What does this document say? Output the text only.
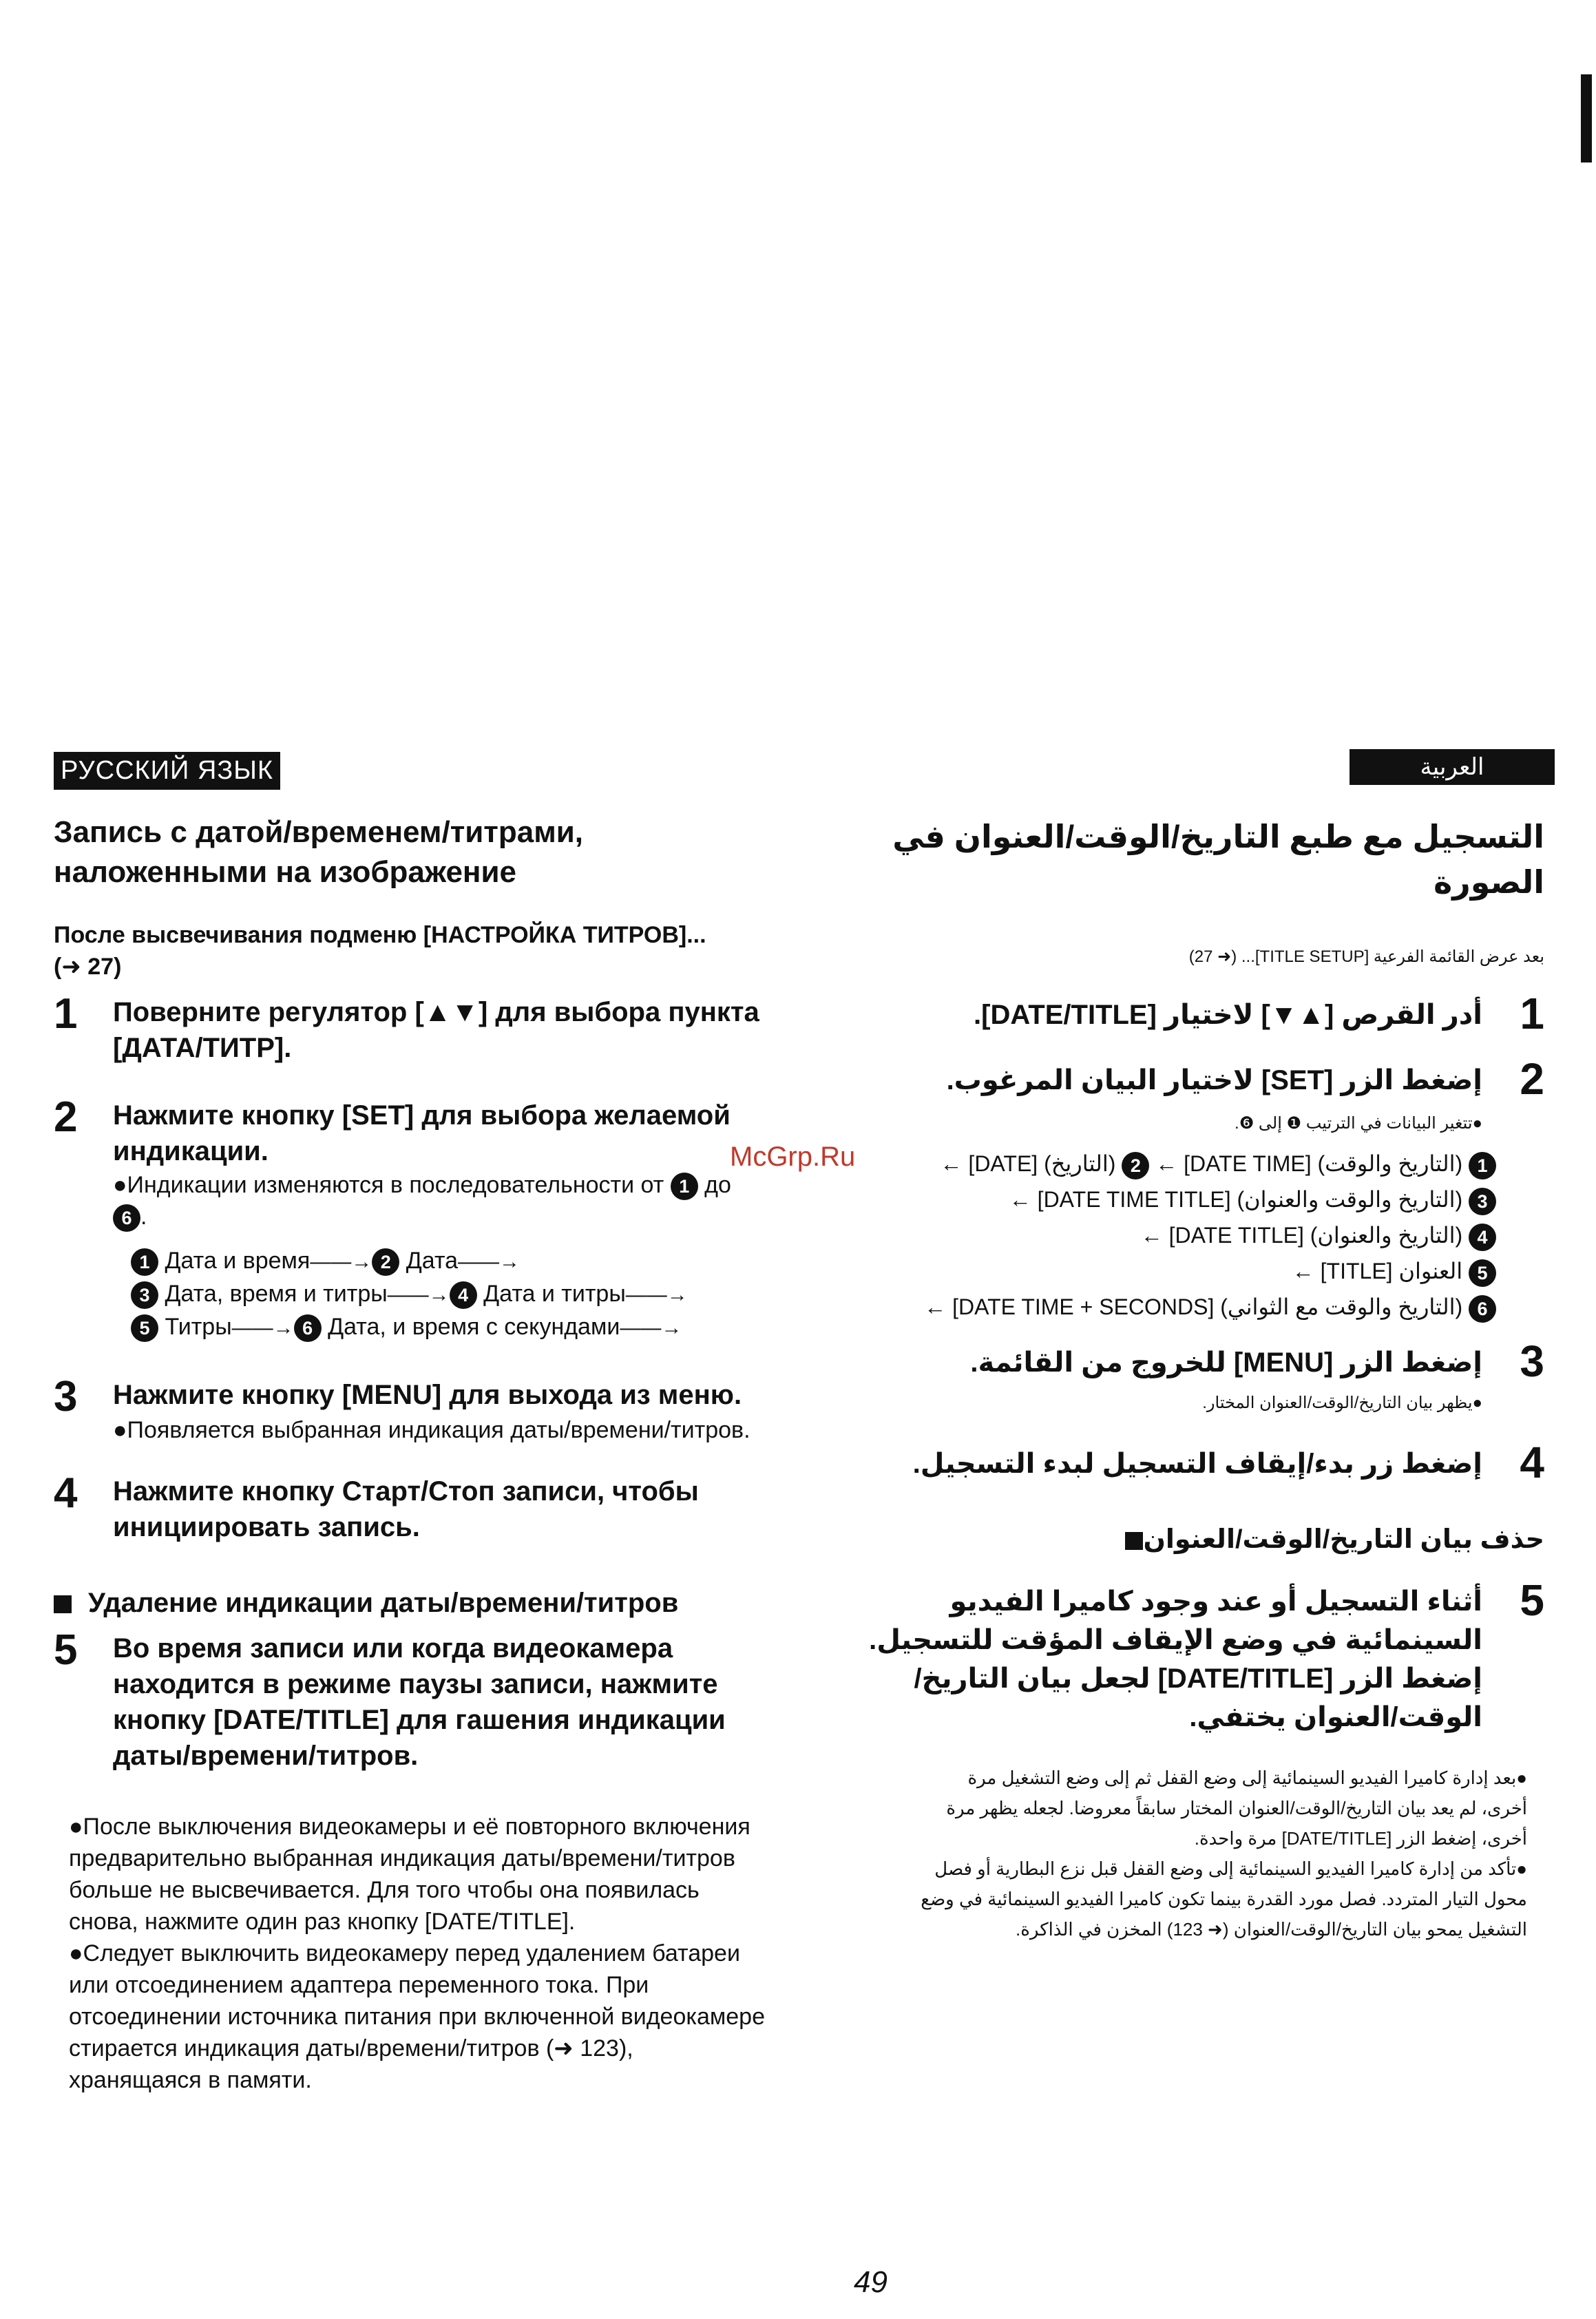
РУССКИЙ ЯЗЫК	العربية
Запись с датой/временем/титрами,
наложенными на изображение
После высвечивания подменю [НАСТРОЙКА ТИТРОВ]...
(➜ 27)
1 Поверните регулятор [▲▼] для выбора пункта
[ДАТА/ТИТР].
2 Нажмите кнопку [SET] для выбора желаемой
индикации.
●Индикации изменяются в последовательности от 1 до
6 .
1 Дата и время——→ 2 Дата——→
3 Дата, время и титры——→ 4 Дата и титры——→
5 Титры——→ 6 Дата, и время с секундами——→
3 Нажмите кнопку [MENU] для выхода из меню.
●Появляется выбранная индикация даты/времени/титров.
4 Нажмите кнопку Старт/Стоп записи, чтобы
инициировать запись.
Удаление индикации даты/времени/титров
5 Во время записи или когда видеокамера
находится в режиме паузы записи, нажмите
кнопку [DATE/TITLE] для гашения индикации
даты/времени/титров.
●После выключения видеокамеры и её повторного включения
предварительно выбранная индикация даты/времени/титров
больше не высвечивается. Для того чтобы она появилась
снова, нажмите один раз кнопку [DATE/TITLE].
●Следует выключить видеокамеру перед удалением батареи
или отсоединением адаптера переменного тока. При
отсоединении источника питания при включенной видеокамере
стирается индикация даты/времени/титров (➜ 123),
хранящаяся в памяти.
McGrp.Ru
التسجيل مع طبع التاريخ/الوقت/العنوان في
الصورة
بعد عرض القائمة الفرعية [TITLE SETUP]... (➜ 27)
1
أدر القرص [▲▼] لاختيار [DATE/TITLE].
2
إضغط الزر [SET] لاختيار البيان المرغوب.
●تتغير البيانات في الترتيب ❶ إلى ❻.
1 (التاريخ والوقت) [DATE TIME] ← 2 (التاريخ) [DATE] ←
3 (التاريخ والوقت والعنوان) [DATE TIME TITLE] ←
4 (التاريخ والعنوان) [DATE TITLE] ←
5 العنوان [TITLE] ←
6 (التاريخ والوقت مع الثواني) [DATE TIME + SECONDS] ←
3
إضغط الزر [MENU] للخروج من القائمة.
●يظهر بيان التاريخ/الوقت/العنوان المختار.
4
إضغط زر بدء/إيقاف التسجيل لبدء التسجيل.
حذف بيان التاريخ/الوقت/العنوان
5
أثناء التسجيل أو عند وجود كاميرا الفيديو
السينمائية في وضع الإيقاف المؤقت للتسجيل.
إضغط الزر [DATE/TITLE] لجعل بيان التاريخ/
الوقت/العنوان يختفي.
●بعد إدارة كاميرا الفيديو السينمائية إلى وضع القفل ثم إلى وضع التشغيل مرة
أخرى، لم يعد بيان التاريخ/الوقت/العنوان المختار سابقاً معروضا. لجعله يظهر مرة
أخرى، إضغط الزر [DATE/TITLE] مرة واحدة.
●تأكد من إدارة كاميرا الفيديو السينمائية إلى وضع القفل قبل نزع البطارية أو فصل
محول التيار المتردد. فصل مورد القدرة بينما تكون كاميرا الفيديو السينمائية في وضع
التشغيل يمحو بيان التاريخ/الوقت/العنوان (➜ 123) المخزن في الذاكرة.
49
